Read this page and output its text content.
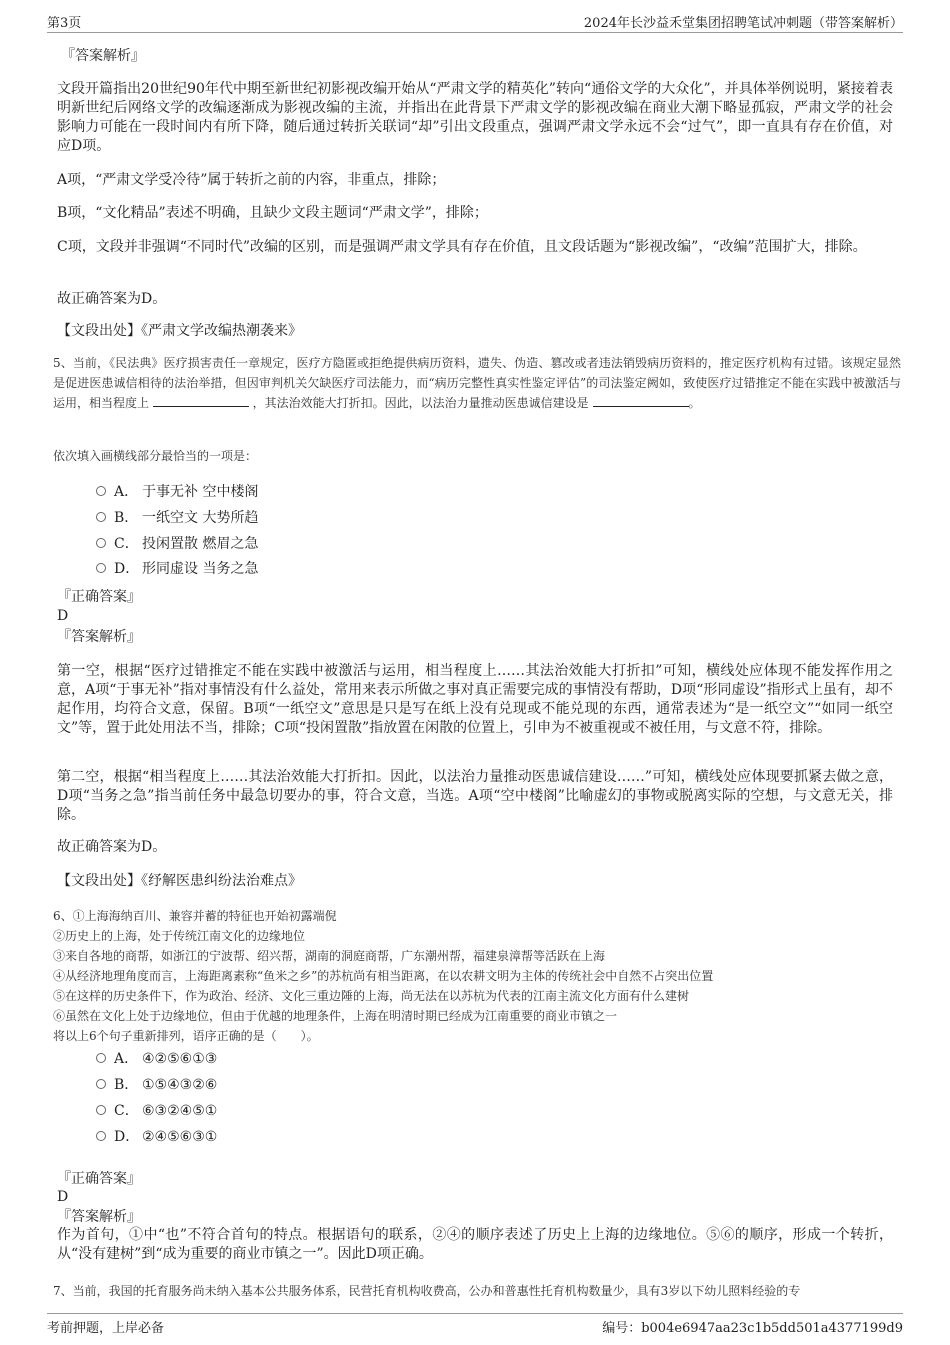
第3页	2024年长沙益禾堂集团招聘笔试冲刺题（带答案解析）
『答案解析』
文段开篇指出20世纪90年代中期至新世纪初影视改编开始从“严肃文学的精英化”转向“通俗文学的大众化”，并具体举例说明，紧接着表明新世纪后网络文学的改编逐渐成为影视改编的主流，并指出在此背景下严肃文学的影视改编在商业大潮下略显孤寂，严肃文学的社会影响力可能在一段时间内有所下降，随后通过转折关联词“却”引出文段重点，强调严肃文学永远不会“过气”，即一直具有存在价值，对应D项。
A项，“严肃文学受冷待”属于转折之前的内容，非重点，排除；
B项，“文化精品”表述不明确，且缺少文段主题词“严肃文学”，排除；
C项，文段并非强调“不同时代”改编的区别，而是强调严肃文学具有存在价值，且文段话题为“影视改编”，“改编”范围扩大，排除。
故正确答案为D。
【文段出处】《严肃文学改编热潮袭来》
5、当前，《民法典》医疗损害责任一章规定，医疗方隐匿或拒绝提供病历资料，遗失、伪造、篡改或者违法销毁病历资料的，推定医疗机构有过错。该规定显然是促进医患诚信相待的法治举措，但因审判机关欠缺医疗司法能力，而“病历完整性真实性鉴定评估”的司法鉴定阙如，致使医疗过错推定不能在实践中被激活与运用，相当程度上	，其法治效能大打折扣。因此，以法治力量推动医患诚信建设是	。
依次填入画横线部分最恰当的一项是：
A． 于事无补 空中楼阁
B． 一纸空文 大势所趋
C． 投闲置散 燃眉之急
D． 形同虚设 当务之急
『正确答案』
D
『答案解析』
第一空，根据“医疗过错推定不能在实践中被激活与运用，相当程度上……其法治效能大打折扣”可知，横线处应体现不能发挥作用之意，A项“于事无补”指对事情没有什么益处，常用来表示所做之事对真正需要完成的事情没有帮助，D项“形同虚设”指形式上虽有，却不起作用，均符合文意，保留。B项“一纸空文”意思是只是写在纸上没有兑现或不能兑现的东西，通常表述为“是一纸空文”“如同一纸空文”等，置于此处用法不当，排除；C项“投闲置散”指放置在闲散的位置上，引申为不被重视或不被任用，与文意不符，排除。
第二空，根据“相当程度上……其法治效能大打折扣。因此，以法治力量推动医患诚信建设……”可知，横线处应体现要抓紧去做之意，D项“当务之急”指当前任务中最急切要办的事，符合文意，当选。A项“空中楼阁”比喻虚幻的事物或脱离实际的空想，与文意无关，排除。
故正确答案为D。
【文段出处】《纾解医患纠纷法治难点》
6、①上海海纳百川、兼容并蓄的特征也开始初露端倪
②历史上的上海，处于传统江南文化的边缘地位
③来自各地的商帮，如浙江的宁波帮、绍兴帮，湖南的洞庭商帮，广东潮州帮，福建泉漳帮等活跃在上海
④从经济地理角度而言，上海距离素称“鱼米之乡”的苏杭尚有相当距离，在以农耕文明为主体的传统社会中自然不占突出位置
⑤在这样的历史条件下，作为政治、经济、文化三重边陲的上海，尚无法在以苏杭为代表的江南主流文化方面有什么建树
⑥虽然在文化上处于边缘地位，但由于优越的地理条件，上海在明清时期已经成为江南重要的商业市镇之一
将以上6个句子重新排列，语序正确的是（　　）。
A． ④②⑤⑥①③
B． ①⑤④③②⑥
C． ⑥③②④⑤①
D． ②④⑤⑥③①
『正确答案』
D
『答案解析』
作为首句，①中“也”不符合首句的特点。根据语句的联系，②④的顺序表述了历史上上海的边缘地位。⑤⑥的顺序，形成一个转折，从“没有建树”到“成为重要的商业市镇之一”。因此D项正确。
7、当前，我国的托育服务尚未纳入基本公共服务体系，民营托育机构收费高，公办和普惠性托育机构数量少，具有3岁以下幼儿照料经验的专
考前押题，上岸必备	编号：b004e6947aa23c1b5dd501a4377199d9
